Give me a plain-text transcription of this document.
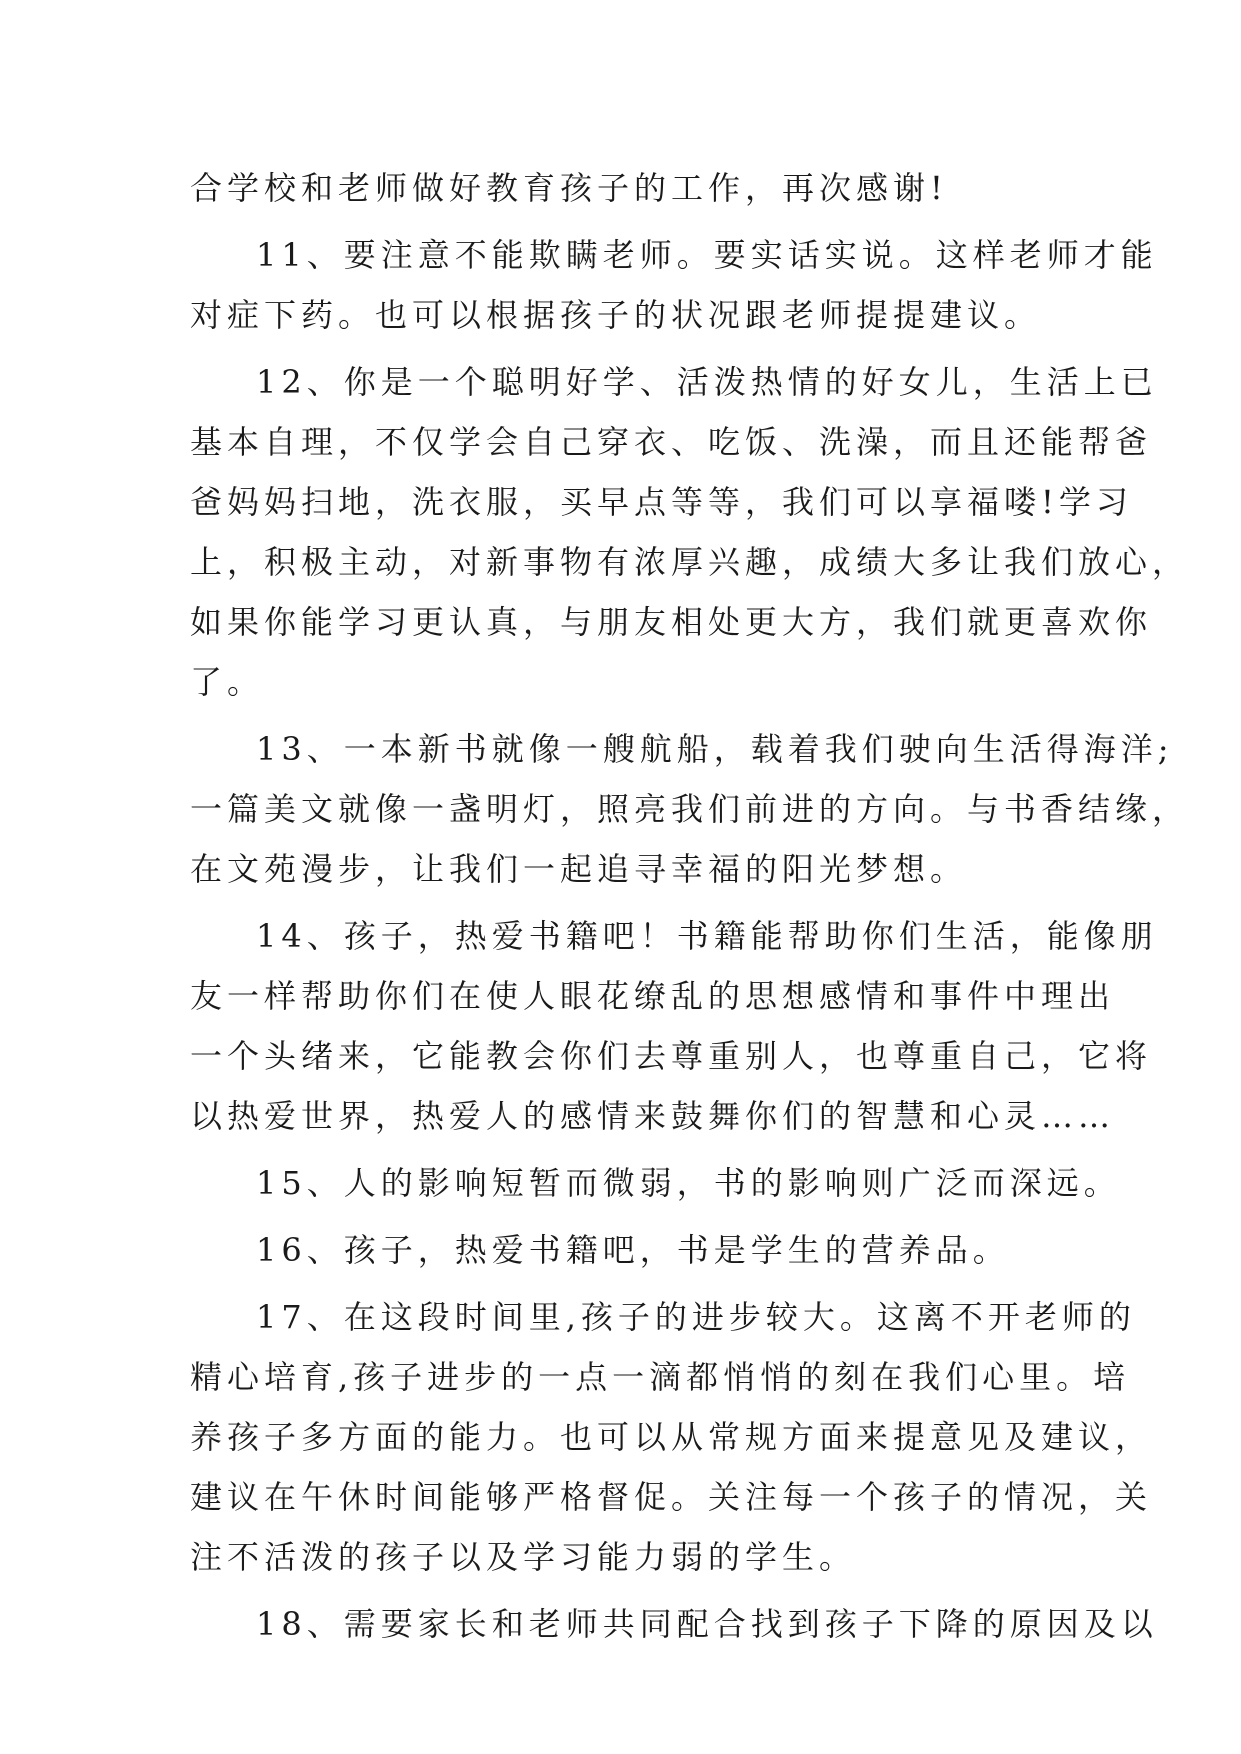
合学校和老师做好教育孩子的工作，再次感谢!
11、要注意不能欺瞒老师。要实话实说。这样老师才能
对症下药。也可以根据孩子的状况跟老师提提建议。
12、你是一个聪明好学、活泼热情的好女儿，生活上已
基本自理，不仅学会自己穿衣、吃饭、洗澡，而且还能帮爸
爸妈妈扫地，洗衣服，买早点等等，我们可以享福喽!学习
上，积极主动，对新事物有浓厚兴趣，成绩大多让我们放心，
如果你能学习更认真，与朋友相处更大方，我们就更喜欢你
了。
13、一本新书就像一艘航船，载着我们驶向生活得海洋;
一篇美文就像一盏明灯，照亮我们前进的方向。与书香结缘，
在文苑漫步，让我们一起追寻幸福的阳光梦想。
14、孩子，热爱书籍吧！书籍能帮助你们生活，能像朋
友一样帮助你们在使人眼花缭乱的思想感情和事件中理出
一个头绪来，它能教会你们去尊重别人，也尊重自己，它将
以热爱世界，热爱人的感情来鼓舞你们的智慧和心灵……
15、人的影响短暂而微弱，书的影响则广泛而深远。
16、孩子，热爱书籍吧，书是学生的营养品。
17、在这段时间里,孩子的进步较大。这离不开老师的
精心培育,孩子进步的一点一滴都悄悄的刻在我们心里。培
养孩子多方面的能力。也可以从常规方面来提意见及建议，
建议在午休时间能够严格督促。关注每一个孩子的情况，关
注不活泼的孩子以及学习能力弱的学生。
18、需要家长和老师共同配合找到孩子下降的原因及以
